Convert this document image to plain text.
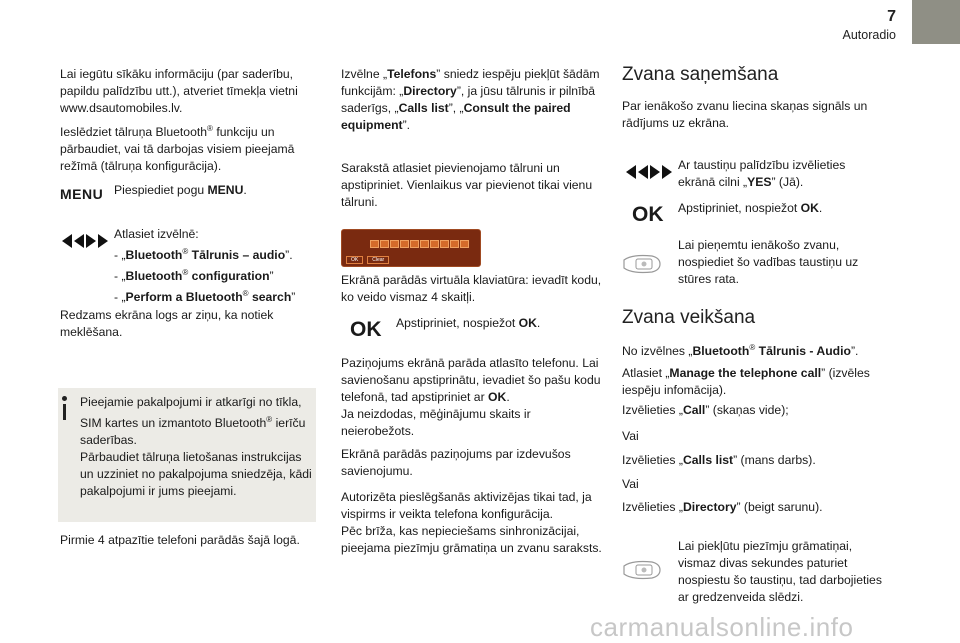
7
Autoradio

Lai iegūtu sīkāku informāciju (par saderību, papildu palīdzību utt.), atveriet tīmekļa vietni www.dsautomobiles.lv.

Ieslēdziet tālruņa Bluetooth® funkciju un pārbaudiet, vai tā darbojas visiem pieejamā režīmā (tālruņa konfigurācija).

MENU Piespiediet pogu MENU.

Atlasiet izvēlnē:

- „Bluetooth® Tālrunis – audio”.
- „Bluetooth® configuration”
- „Perform a Bluetooth® search”

Redzams ekrāna logs ar ziņu, ka notiek meklēšana.

Pieejamie pakalpojumi ir atkarīgi no tīkla, SIM kartes un izmantoto Bluetooth® ierīču saderības.
Pārbaudiet tālruņa lietošanas instrukcijas un uzziniet no pakalpojuma sniedzēja, kādi pakalpojumi ir jums pieejami.

Pirmie 4 atpazītie telefoni parādās šajā logā.

Izvēlne „Telefons” sniedz iespēju piekļūt šādām funkcijām: „Directory”, ja jūsu tālrunis ir pilnībā saderīgs, „Calls list”, „Consult the paired equipment”.

Sarakstā atlasiet pievienojamo tālruni un apstipriniet. Vienlaikus var pievienot tikai vienu tālruni.

OK	Clear

Ekrānā parādās virtuāla klaviatūra: ievadīt kodu, ko veido vismaz 4 skaitļi.

OK Apstipriniet, nospiežot OK.

Paziņojums ekrānā parāda atlasīto telefonu. Lai savienošanu apstiprinātu, ievadiet šo pašu kodu telefonā, tad apstipriniet ar OK.
Ja neizdodas, mēģinājumu skaits ir neierobežots.

Ekrānā parādās paziņojums par izdevušos savienojumu.

Autorizēta pieslēgšanās aktivizējas tikai tad, ja vispirms ir veikta telefona konfigurācija.
Pēc brīža, kas nepieciešams sinhronizācijai, pieejama piezīmju grāmatiņa un zvanu saraksts.

Zvana saņemšana

Par ienākošo zvanu liecina skaņas signāls un rādījums uz ekrāna.

Ar taustiņu palīdzību izvēlieties ekrānā cilni „YES” (Jā).

OK Apstipriniet, nospiežot OK.

Lai pieņemtu ienākošo zvanu, nospiediet šo vadības taustiņu uz stūres rata.

Zvana veikšana

No izvēlnes „Bluetooth® Tālrunis - Audio”.

Atlasiet „Manage the telephone call” (izvēles iespēju infomācija).

Izvēlieties „Call” (skaņas vide);

Vai

Izvēlieties „Calls list” (mans darbs).

Vai

Izvēlieties „Directory” (beigt sarunu).

Lai piekļūtu piezīmju grāmatiņai, vismaz divas sekundes paturiet nospiestu šo taustiņu, tad darbojieties ar gredzenveida slēdzi.

carmanualsonline.info
